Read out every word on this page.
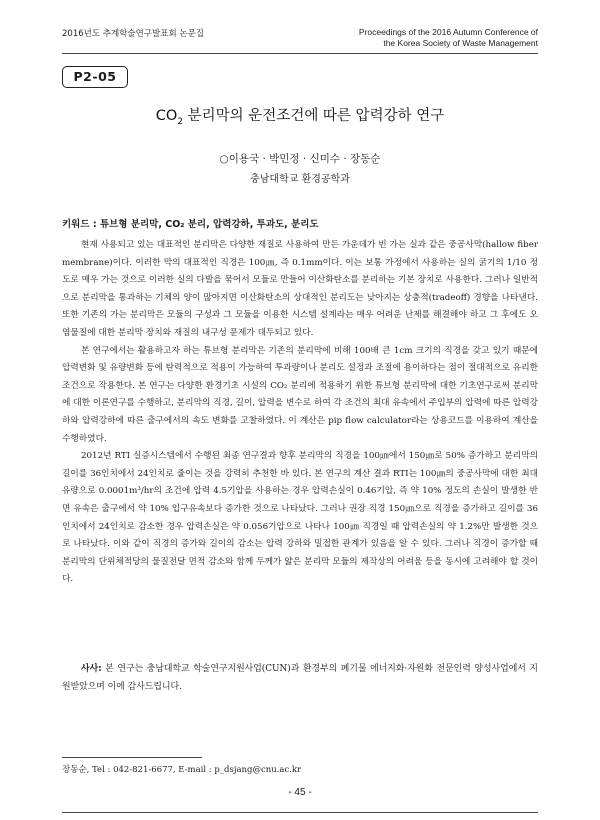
2016년도 추계학술연구발표회 논문집	Proceedings of the 2016 Autumn Conference of
the Korea Society of Waste Management
P2-05
$CO_2$ 분리막의 운전조건에 따른 압력강하 연구
○이용국 · 박민정 · 신미수 · 장동순
충남대학교 환경공학과
키워드 : 튜브형 분리막, CO₂ 분리, 압력강하, 투과도, 분리도

현재 사용되고 있는 대표적인 분리막은 다양한 재질로 사용하여 만든 가운데가 빈 가는 실과 같은 중공사막(hallow fiber membrane)이다. 이러한 막의 대표적인 직경은 100㎛, 즉 0.1mm이다. 이는 보통 가정에서 사용하는 실의 굵기의 1/10 정도로 매우 가는 것으로 이러한 실의 다발을 묶어서 모듈로 만들어 이산화탄소를 분리하는 기본 장치로 사용한다. 그러나 일반적으로 분리막을 통과하는 기체의 양이 많아지면 이산화탄소의 상대적인 분리도는 낮아지는 상충적(tradeoff) 경향을 나타낸다. 또한 기존의 가는 분리막은 모듈의 구성과 그 모듈을 이용한 시스템 설계라는 매우 어려운 난제를 해결해야 하고 그 후에도 오염물질에 대한 분리막 장치와 재질의 내구성 문제가 대두되고 있다.

본 연구에서는 활용하고자 하는 튜브형 분리막은 기존의 분리막에 비해 100배 큰 1cm 크기의 직경을 갖고 있기 때문에 압력변화 및 유량변화 등에 탄력적으로 적용이 가능하여 투과량이나 분리도 설정과 조절에 용이하다는 점이 절대적으로 유리한 조건으로 작용한다. 본 연구는 다양한 환경기초 시설의 CO₂ 분리에 적용하기 위한 튜브형 분리막에 대한 기초연구로써 분리막에 대한 이론연구를 수행하고, 분리막의 직경, 길이, 압력을 변수로 하여 각 조건의 최대 유속에서 주입부의 압력에 따른 압력강하와 압력강하에 따른 출구에서의 속도 변화를 고찰하였다. 이 계산은 pip flow calculator라는 상용코드를 이용하여 계산을 수행하였다.

2012년 RTI 실증시스템에서 수행된 최종 연구결과 향후 분리막의 직경을 100㎛에서 150㎛로 50% 증가하고 분리막의 길이를 36인치에서 24인치로 줄이는 것을 강력히 추천한 바 있다. 본 연구의 계산 결과 RTI는 100㎛의 중공사막에 대한 최대 유량으로 0.0001m³/hr의 조건에 압력 4.5기압을 사용하는 경우 압력손실이 0.46기압, 즉 약 10% 정도의 손실이 발생한 반면 유속은 출구에서 약 10% 입구유속보다 증가한 것으로 나타났다. 그러나 권장 직경 150㎛으로 직경을 증가하고 길이를 36인치에서 24인치로 감소한 경우 압력손실은 약 0.056기압으로 나타나 100㎛ 직경일 때 압력손실의 약 1.2%만 발생한 것으로 나타났다. 이와 같이 직경의 증가와 길이의 감소는 압력 강하와 밀접한 관계가 있음을 알 수 있다. 그러나 직경이 증가할 때 분리막의 단위체적당의 물질전달 면적 감소와 함께 두께가 얇은 분리막 모듈의 제작상의 어려움 등을 동시에 고려해야 할 것이다.

사사: 본 연구는 충남대학교 학술연구지원사업(CUN)과 환경부의 폐기물 에너지화·자원화 전문인력 양성사업에서 지원받았으며 이에 감사드립니다.

장동순, Tel : 042-821-6677, E-mail : p_dsjang@cnu.ac.kr
- 45 -
